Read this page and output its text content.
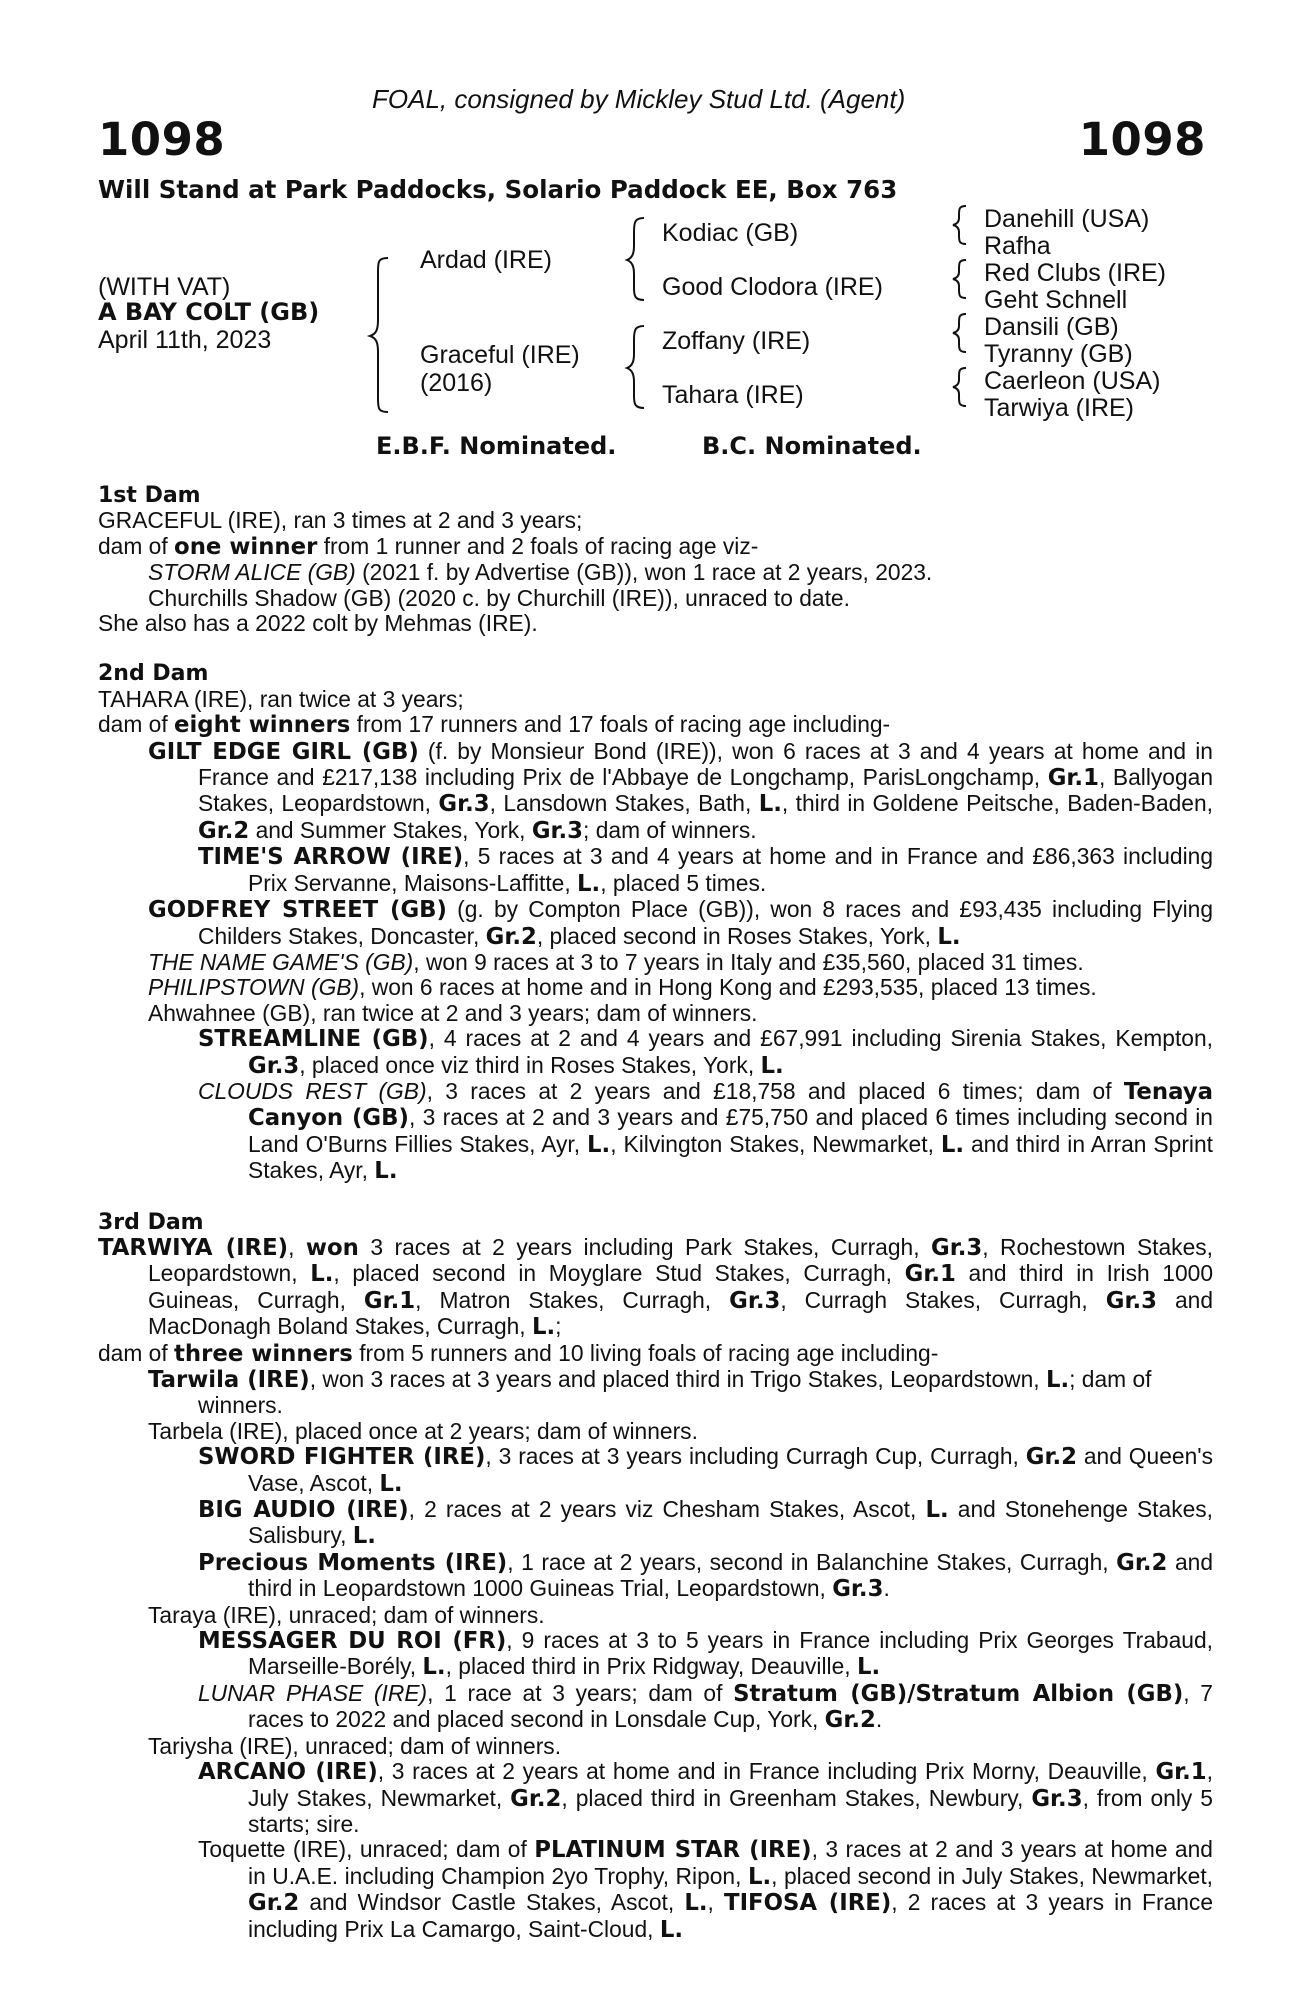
FOAL, consigned by Mickley Stud Ltd. (Agent)
1098	1098
Will Stand at Park Paddocks, Solario Paddock EE, Box 763
(WITH VAT)
A BAY COLT (GB)
April 11th, 2023
Ardad (IRE)
Graceful (IRE)
(2016)
Kodiac (GB)
Good Clodora (IRE)
Zoffany (IRE)
Tahara (IRE)
Danehill (USA)
Rafha
Red Clubs (IRE)
Geht Schnell
Dansili (GB)
Tyranny (GB)
Caerleon (USA)
Tarwiya (IRE)
E.B.F. Nominated.	B.C. Nominated.

1st Dam

GRACEFUL (IRE), ran 3 times at 2 and 3 years;

dam of one winner from 1 runner and 2 foals of racing age viz-

STORM ALICE (GB) (2021 f. by Advertise (GB)), won 1 race at 2 years, 2023.

Churchills Shadow (GB) (2020 c. by Churchill (IRE)), unraced to date.

She also has a 2022 colt by Mehmas (IRE).

2nd Dam

TAHARA (IRE), ran twice at 3 years;

dam of eight winners from 17 runners and 17 foals of racing age including-

GILT EDGE GIRL (GB) (f. by Monsieur Bond (IRE)), won 6 races at 3 and 4 years at home and in France and £217,138 including Prix de l'Abbaye de Longchamp, ParisLongchamp, Gr.1, Ballyogan Stakes, Leopardstown, Gr.3, Lansdown Stakes, Bath, L., third in Goldene Peitsche, Baden-Baden, Gr.2 and Summer Stakes, York, Gr.3; dam of winners.

TIME'S ARROW (IRE), 5 races at 3 and 4 years at home and in France and £86,363 including Prix Servanne, Maisons-Laffitte, L., placed 5 times.

GODFREY STREET (GB) (g. by Compton Place (GB)), won 8 races and £93,435 including Flying Childers Stakes, Doncaster, Gr.2, placed second in Roses Stakes, York, L.

THE NAME GAME'S (GB), won 9 races at 3 to 7 years in Italy and £35,560, placed 31 times.

PHILIPSTOWN (GB), won 6 races at home and in Hong Kong and £293,535, placed 13 times.

Ahwahnee (GB), ran twice at 2 and 3 years; dam of winners.

STREAMLINE (GB), 4 races at 2 and 4 years and £67,991 including Sirenia Stakes, Kempton, Gr.3, placed once viz third in Roses Stakes, York, L.

CLOUDS REST (GB), 3 races at 2 years and £18,758 and placed 6 times; dam of Tenaya Canyon (GB), 3 races at 2 and 3 years and £75,750 and placed 6 times including second in Land O'Burns Fillies Stakes, Ayr, L., Kilvington Stakes, Newmarket, L. and third in Arran Sprint Stakes, Ayr, L.

3rd Dam

TARWIYA (IRE), won 3 races at 2 years including Park Stakes, Curragh, Gr.3, Rochestown Stakes, Leopardstown, L., placed second in Moyglare Stud Stakes, Curragh, Gr.1 and third in Irish 1000 Guineas, Curragh, Gr.1, Matron Stakes, Curragh, Gr.3, Curragh Stakes, Curragh, Gr.3 and MacDonagh Boland Stakes, Curragh, L.;

dam of three winners from 5 runners and 10 living foals of racing age including-

Tarwila (IRE), won 3 races at 3 years and placed third in Trigo Stakes, Leopardstown, L.; dam of winners.

Tarbela (IRE), placed once at 2 years; dam of winners.

SWORD FIGHTER (IRE), 3 races at 3 years including Curragh Cup, Curragh, Gr.2 and Queen's Vase, Ascot, L.

BIG AUDIO (IRE), 2 races at 2 years viz Chesham Stakes, Ascot, L. and Stonehenge Stakes, Salisbury, L.

Precious Moments (IRE), 1 race at 2 years, second in Balanchine Stakes, Curragh, Gr.2 and third in Leopardstown 1000 Guineas Trial, Leopardstown, Gr.3.

Taraya (IRE), unraced; dam of winners.

MESSAGER DU ROI (FR), 9 races at 3 to 5 years in France including Prix Georges Trabaud, Marseille-Borély, L., placed third in Prix Ridgway, Deauville, L.

LUNAR PHASE (IRE), 1 race at 3 years; dam of Stratum (GB)/Stratum Albion (GB), 7 races to 2022 and placed second in Lonsdale Cup, York, Gr.2.

Tariysha (IRE), unraced; dam of winners.

ARCANO (IRE), 3 races at 2 years at home and in France including Prix Morny, Deauville, Gr.1, July Stakes, Newmarket, Gr.2, placed third in Greenham Stakes, Newbury, Gr.3, from only 5 starts; sire.

Toquette (IRE), unraced; dam of PLATINUM STAR (IRE), 3 races at 2 and 3 years at home and in U.A.E. including Champion 2yo Trophy, Ripon, L., placed second in July Stakes, Newmarket, Gr.2 and Windsor Castle Stakes, Ascot, L., TIFOSA (IRE), 2 races at 3 years in France including Prix La Camargo, Saint-Cloud, L.
